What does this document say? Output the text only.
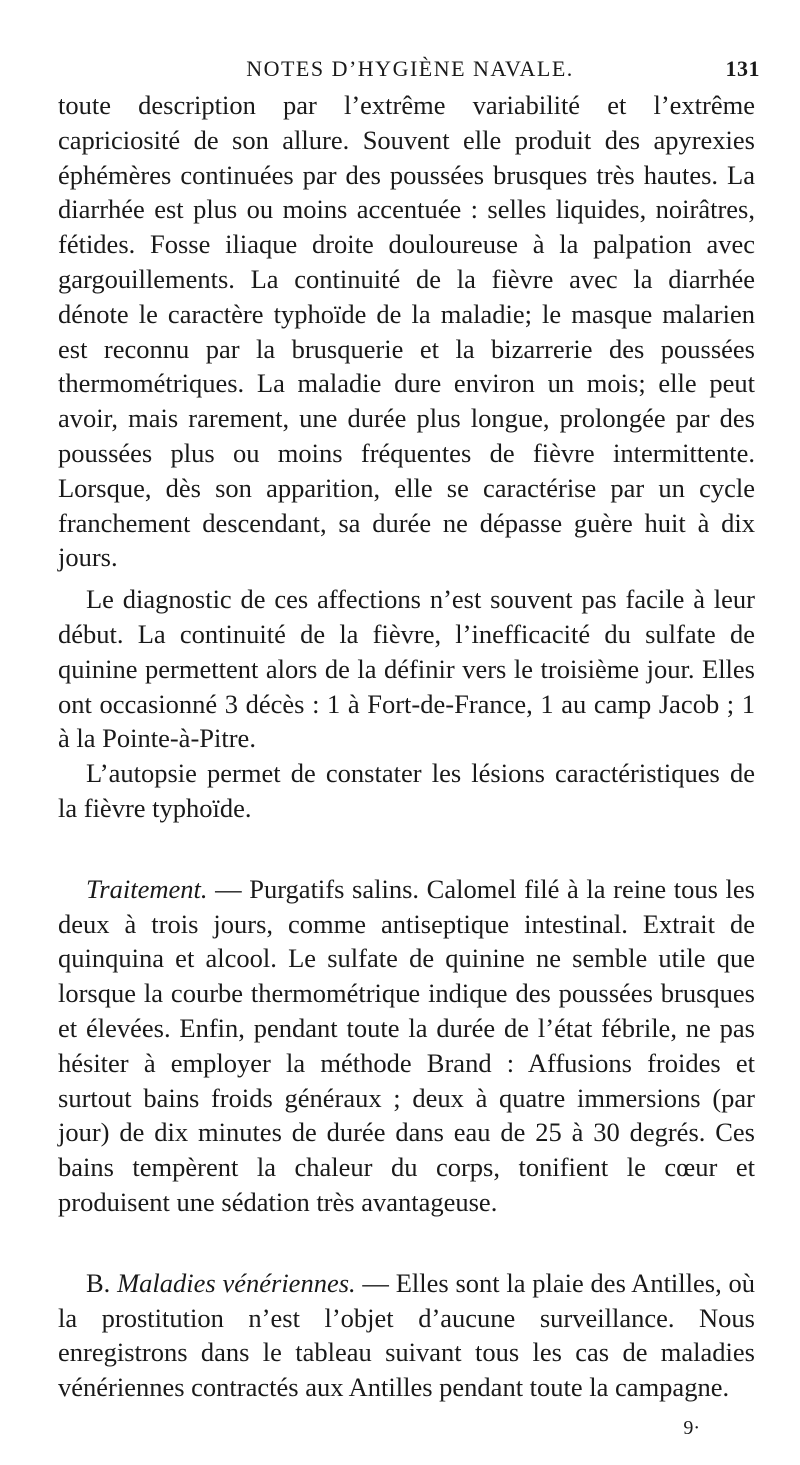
NOTES D’HYGIÈNE NAVALE.	131

toute description par l’extrême variabilité et l’extrême capriciosité de son allure. Souvent elle produit des apyrexies éphémères continuées par des poussées brusques très hautes. La diarrhée est plus ou moins accentuée : selles liquides, noirâtres, fétides. Fosse iliaque droite douloureuse à la palpation avec gargouillements. La continuité de la fièvre avec la diarrhée dénote le caractère typhoïde de la maladie; le masque malarien est reconnu par la brusquerie et la bizarrerie des poussées thermométriques. La maladie dure environ un mois; elle peut avoir, mais rarement, une durée plus longue, prolongée par des poussées plus ou moins fréquentes de fièvre intermittente. Lorsque, dès son apparition, elle se caractérise par un cycle franchement descendant, sa durée ne dépasse guère huit à dix jours.

Le diagnostic de ces affections n’est souvent pas facile à leur début. La continuité de la fièvre, l’inefficacité du sulfate de quinine permettent alors de la définir vers le troisième jour. Elles ont occasionné 3 décès : 1 à Fort-de-France, 1 au camp Jacob ; 1 à la Pointe-à-Pitre.

L’autopsie permet de constater les lésions caractéristiques de la fièvre typhoïde.

Traitement. — Purgatifs salins. Calomel filé à la reine tous les deux à trois jours, comme antiseptique intestinal. Extrait de quinquina et alcool. Le sulfate de quinine ne semble utile que lorsque la courbe thermométrique indique des poussées brusques et élevées. Enfin, pendant toute la durée de l’état fébrile, ne pas hésiter à employer la méthode Brand : Affusions froides et surtout bains froids généraux ; deux à quatre immersions (par jour) de dix minutes de durée dans eau de 25 à 30 degrés. Ces bains tempèrent la chaleur du corps, tonifient le cœur et produisent une sédation très avantageuse.

B. Maladies vénériennes. — Elles sont la plaie des Antilles, où la prostitution n’est l’objet d’aucune surveillance. Nous enregistrons dans le tableau suivant tous les cas de maladies vénériennes contractés aux Antilles pendant toute la campagne.

9·
